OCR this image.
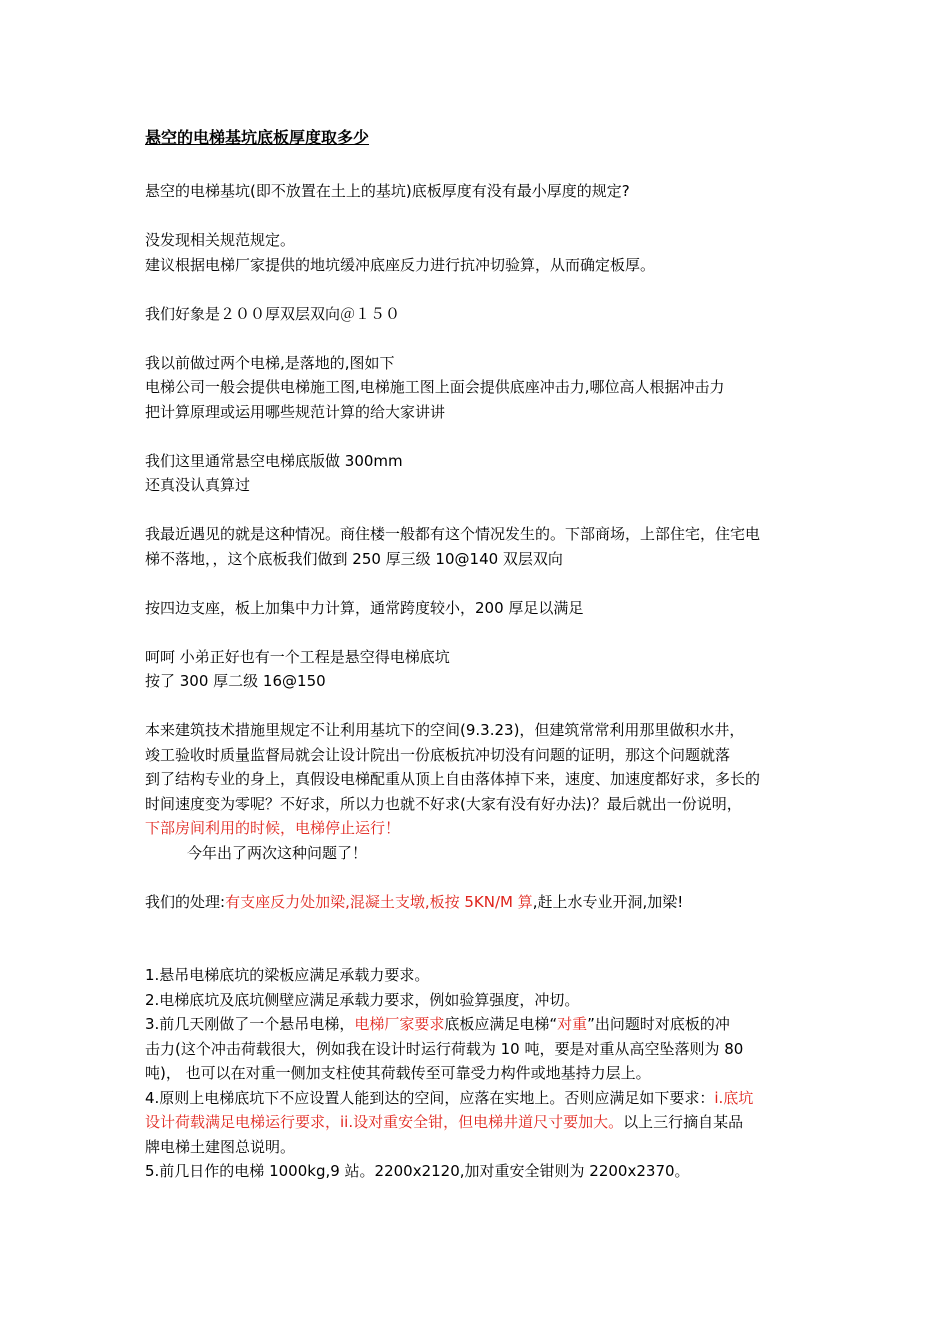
悬空的电梯基坑底板厚度取多少

悬空的电梯基坑(即不放置在土上的基坑)底板厚度有没有最小厚度的规定?

没发现相关规范规定。

建议根据电梯厂家提供的地坑缓冲底座反力进行抗冲切验算，从而确定板厚。

我们好象是２００厚双层双向＠１５０

我以前做过两个电梯,是落地的,图如下

电梯公司一般会提供电梯施工图,电梯施工图上面会提供底座冲击力,哪位高人根据冲击力

把计算原理或运用哪些规范计算的给大家讲讲

我们这里通常悬空电梯底版做 300mm

还真没认真算过

我最近遇见的就是这种情况。商住楼一般都有这个情况发生的。下部商场，上部住宅，住宅电

梯不落地，，这个底板我们做到 250 厚三级 10@140 双层双向

按四边支座，板上加集中力计算，通常跨度较小，200 厚足以满足

呵呵 小弟正好也有一个工程是悬空得电梯底坑

按了 300 厚二级 16@150

本来建筑技术措施里规定不让利用基坑下的空间(9.3.23)，但建筑常常利用那里做积水井，

竣工验收时质量监督局就会让设计院出一份底板抗冲切没有问题的证明，那这个问题就落

到了结构专业的身上，真假设电梯配重从顶上自由落体掉下来，速度、加速度都好求，多长的

时间速度变为零呢？不好求，所以力也就不好求(大家有没有好办法)？最后就出一份说明，

下部房间利用的时候，电梯停止运行！

今年出了两次这种问题了！

我们的处理:有支座反力处加梁,混凝土支墩,板按 5KN/M 算,赶上水专业开洞,加梁!

1.悬吊电梯底坑的梁板应满足承载力要求。

2.电梯底坑及底坑侧壁应满足承载力要求，例如验算强度，冲切。

3.前几天刚做了一个悬吊电梯，电梯厂家要求底板应满足电梯“对重”出问题时对底板的冲

击力(这个冲击荷载很大，例如我在设计时运行荷载为 10 吨，要是对重从高空坠落则为 80

吨)， 也可以在对重一侧加支柱使其荷载传至可靠受力构件或地基持力层上。

4.原则上电梯底坑下不应设置人能到达的空间，应落在实地上。否则应满足如下要求：i.底坑

设计荷载满足电梯运行要求，ii.设对重安全钳，但电梯井道尺寸要加大。以上三行摘自某品

牌电梯土建图总说明。

5.前几日作的电梯 1000kg,9 站。2200x2120,加对重安全钳则为 2200x2370。
